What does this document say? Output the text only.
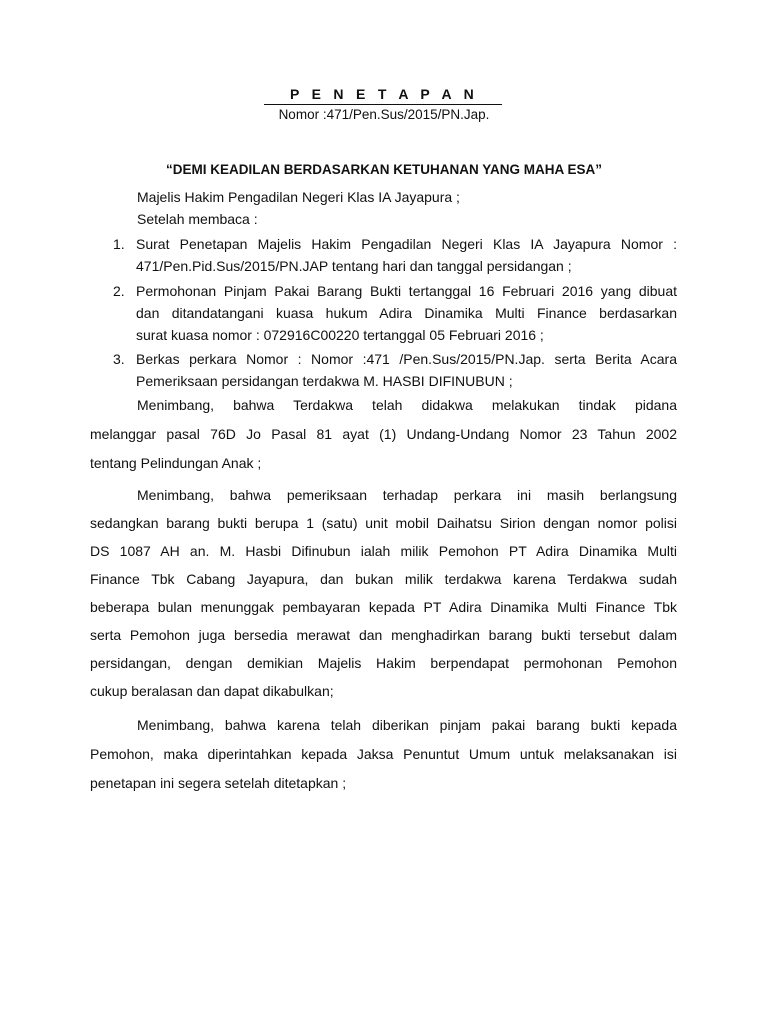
P E N E T A P A N
Nomor :471/Pen.Sus/2015/PN.Jap.
“DEMI KEADILAN BERDASARKAN KETUHANAN YANG MAHA ESA”
Majelis Hakim Pengadilan Negeri Klas IA Jayapura ;
Setelah membaca :
1. Surat Penetapan Majelis Hakim Pengadilan Negeri Klas IA Jayapura Nomor :
471/Pen.Pid.Sus/2015/PN.JAP tentang hari dan tanggal persidangan ;
2. Permohonan Pinjam Pakai Barang Bukti tertanggal 16 Februari 2016 yang dibuat
dan ditandatangani kuasa hukum Adira Dinamika Multi Finance berdasarkan
surat kuasa nomor : 072916C00220 tertanggal 05 Februari 2016 ;
3. Berkas perkara Nomor : Nomor :471 /Pen.Sus/2015/PN.Jap. serta Berita Acara
Pemeriksaan persidangan terdakwa M. HASBI DIFINUBUN ;
Menimbang, bahwa Terdakwa telah didakwa melakukan tindak pidana
melanggar pasal 76D Jo Pasal 81 ayat (1) Undang-Undang Nomor 23 Tahun 2002
tentang Pelindungan Anak ;
Menimbang, bahwa pemeriksaan terhadap perkara ini masih berlangsung
sedangkan barang bukti berupa 1 (satu) unit mobil Daihatsu Sirion dengan nomor polisi
DS 1087 AH an. M. Hasbi Difinubun ialah milik Pemohon PT Adira Dinamika Multi
Finance Tbk Cabang Jayapura, dan bukan milik terdakwa karena Terdakwa sudah
beberapa bulan menunggak pembayaran kepada PT Adira Dinamika Multi Finance Tbk
serta Pemohon juga bersedia merawat dan menghadirkan barang bukti tersebut dalam
persidangan, dengan demikian Majelis Hakim berpendapat permohonan Pemohon
cukup beralasan dan dapat dikabulkan;
Menimbang, bahwa karena telah diberikan pinjam pakai barang bukti kepada
Pemohon, maka diperintahkan kepada Jaksa Penuntut Umum untuk melaksanakan isi
penetapan ini segera setelah ditetapkan ;
